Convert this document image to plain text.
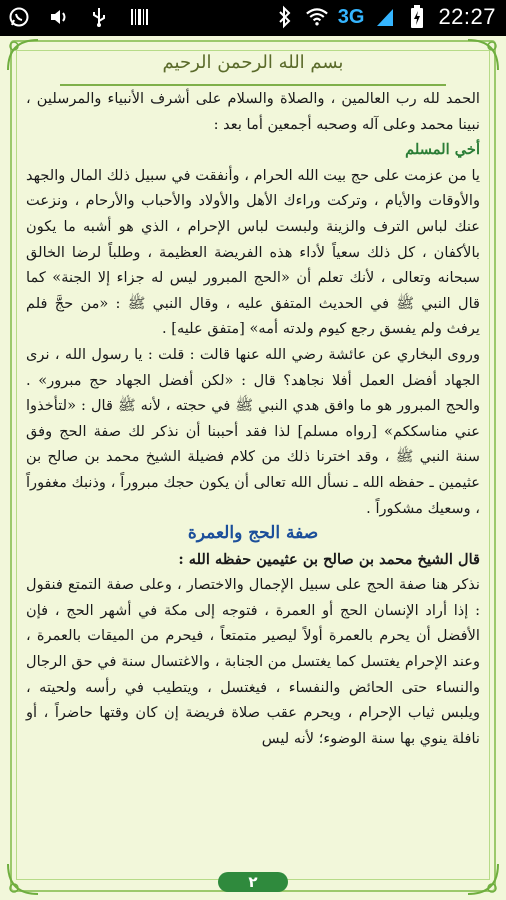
3G	22:27
بسم الله الرحمن الرحيم

الحمد لله رب العالمين ، والصلاة والسلام على أشرف الأنبياء والمرسلين ، نبينا محمد وعلى آله وصحبه أجمعين أما بعد :

أخي المسلم

يا من عزمت على حج بيت الله الحرام ، وأنفقت في سبيل ذلك المال والجهد والأوقات والأيام ، وتركت وراءك الأهل والأولاد والأحباب والأرحام ، ونزعت عنك لباس الترف والزينة ولبست لباس الإحرام ، الذي هو أشبه ما يكون بالأكفان ، كل ذلك سعياً لأداء هذه الفريضة العظيمة ، وطلباً لرضا الخالق سبحانه وتعالى ، لأنك تعلم أن «الحج المبرور ليس له جزاء إلا الجنة» كما قال النبي ﷺ في الحديث المتفق عليه ، وقال النبي ﷺ : «من حجَّ فلم يرفث ولم يفسق رجع كيوم ولدته أمه» [متفق عليه] .

وروى البخاري عن عائشة رضي الله عنها قالت : قلت : يا رسول الله ، نرى الجهاد أفضل العمل أفلا نجاهد؟ قال : «لكن أفضل الجهاد حج مبرور» . والحج المبرور هو ما وافق هدي النبي ﷺ في حجته ، لأنه ﷺ قال : «لتأخذوا عني مناسككم» [رواه مسلم] لذا فقد أحببنا أن نذكر لك صفة الحج وفق سنة النبي ﷺ ، وقد اخترنا ذلك من كلام فضيلة الشيخ محمد بن صالح بن عثيمين ـ حفظه الله ـ نسأل الله تعالى أن يكون حجك مبروراً ، وذنبك مغفوراً ، وسعيك مشكوراً .

صفة الحج والعمرة

قال الشيخ محمد بن صالح بن عثيمين حفظه الله :

نذكر هنا صفة الحج على سبيل الإجمال والاختصار ، وعلى صفة التمتع فنقول : إذا أراد الإنسان الحج أو العمرة ، فتوجه إلى مكة في أشهر الحج ، فإن الأفضل أن يحرم بالعمرة أولاً ليصير متمتعاً ، فيحرم من الميقات بالعمرة ، وعند الإحرام يغتسل كما يغتسل من الجنابة ، والاغتسال سنة في حق الرجال والنساء حتى الحائض والنفساء ، فيغتسل ، ويتطيب في رأسه ولحيته ، ويلبس ثياب الإحرام ، ويحرم عقب صلاة فريضة إن كان وقتها حاضراً ، أو نافلة ينوي بها سنة الوضوء؛ لأنه ليس

٢
